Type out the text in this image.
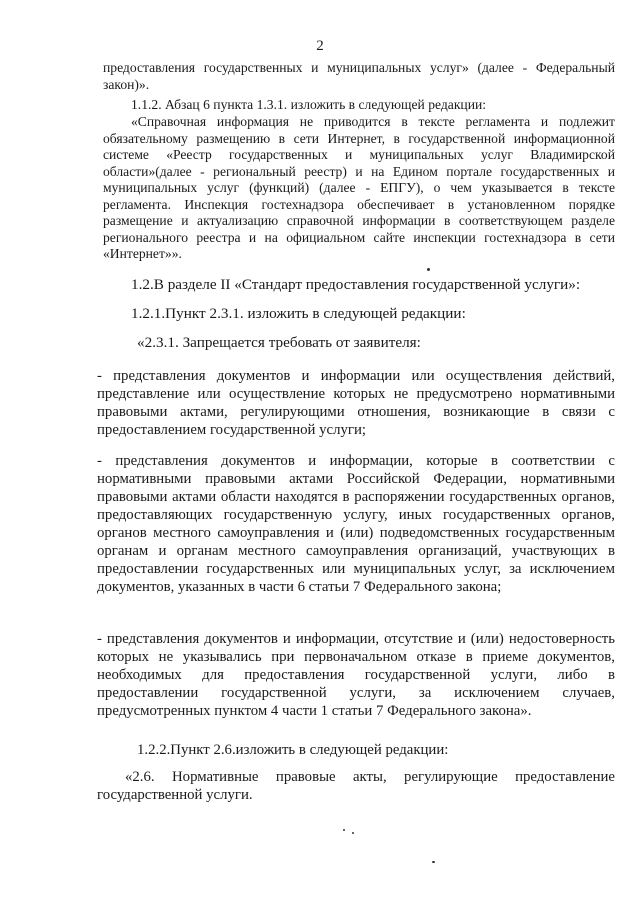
2

предоставления государственных и муниципальных услуг» (далее - Федеральный закон)».

1.1.2. Абзац 6 пункта 1.3.1. изложить в следующей редакции:

«Справочная информация не приводится в тексте регламента и подлежит обязательному размещению в сети Интернет, в государственной информационной системе «Реестр государственных и муниципальных услуг Владимирской области»(далее - региональный реестр) и на Едином портале государственных и муниципальных услуг (функций) (далее - ЕПГУ), о чем указывается в тексте регламента. Инспекция гостехнадзора обеспечивает в установленном порядке размещение и актуализацию справочной информации в соответствующем разделе регионального реестра и на официальном сайте инспекции гостехнадзора в сети «Интернет»».

1.2.В разделе II «Стандарт предоставления государственной услуги»:

1.2.1.Пункт 2.3.1. изложить в следующей редакции:

«2.3.1. Запрещается требовать от заявителя:

- представления документов и информации или осуществления действий, представление или осуществление которых не предусмотрено нормативными правовыми актами, регулирующими отношения, возникающие в связи с предоставлением государственной услуги;

- представления документов и информации, которые в соответствии с нормативными правовыми актами Российской Федерации, нормативными правовыми актами области находятся в распоряжении государственных органов, предоставляющих государственную услугу, иных государственных органов, органов местного самоуправления и (или) подведомственных государственным органам и органам местного самоуправления организаций, участвующих в предоставлении государственных или муниципальных услуг, за исключением документов, указанных в части 6 статьи 7 Федерального закона;

- представления документов и информации, отсутствие и (или) недостоверность которых не указывались при первоначальном отказе в приеме документов, необходимых для предоставления государственной услуги, либо в предоставлении государственной услуги, за исключением случаев, предусмотренных пунктом 4 части 1 статьи 7 Федерального закона».

1.2.2.Пункт 2.6.изложить в следующей редакции:

«2.6. Нормативные правовые акты, регулирующие предоставление государственной услуги.
